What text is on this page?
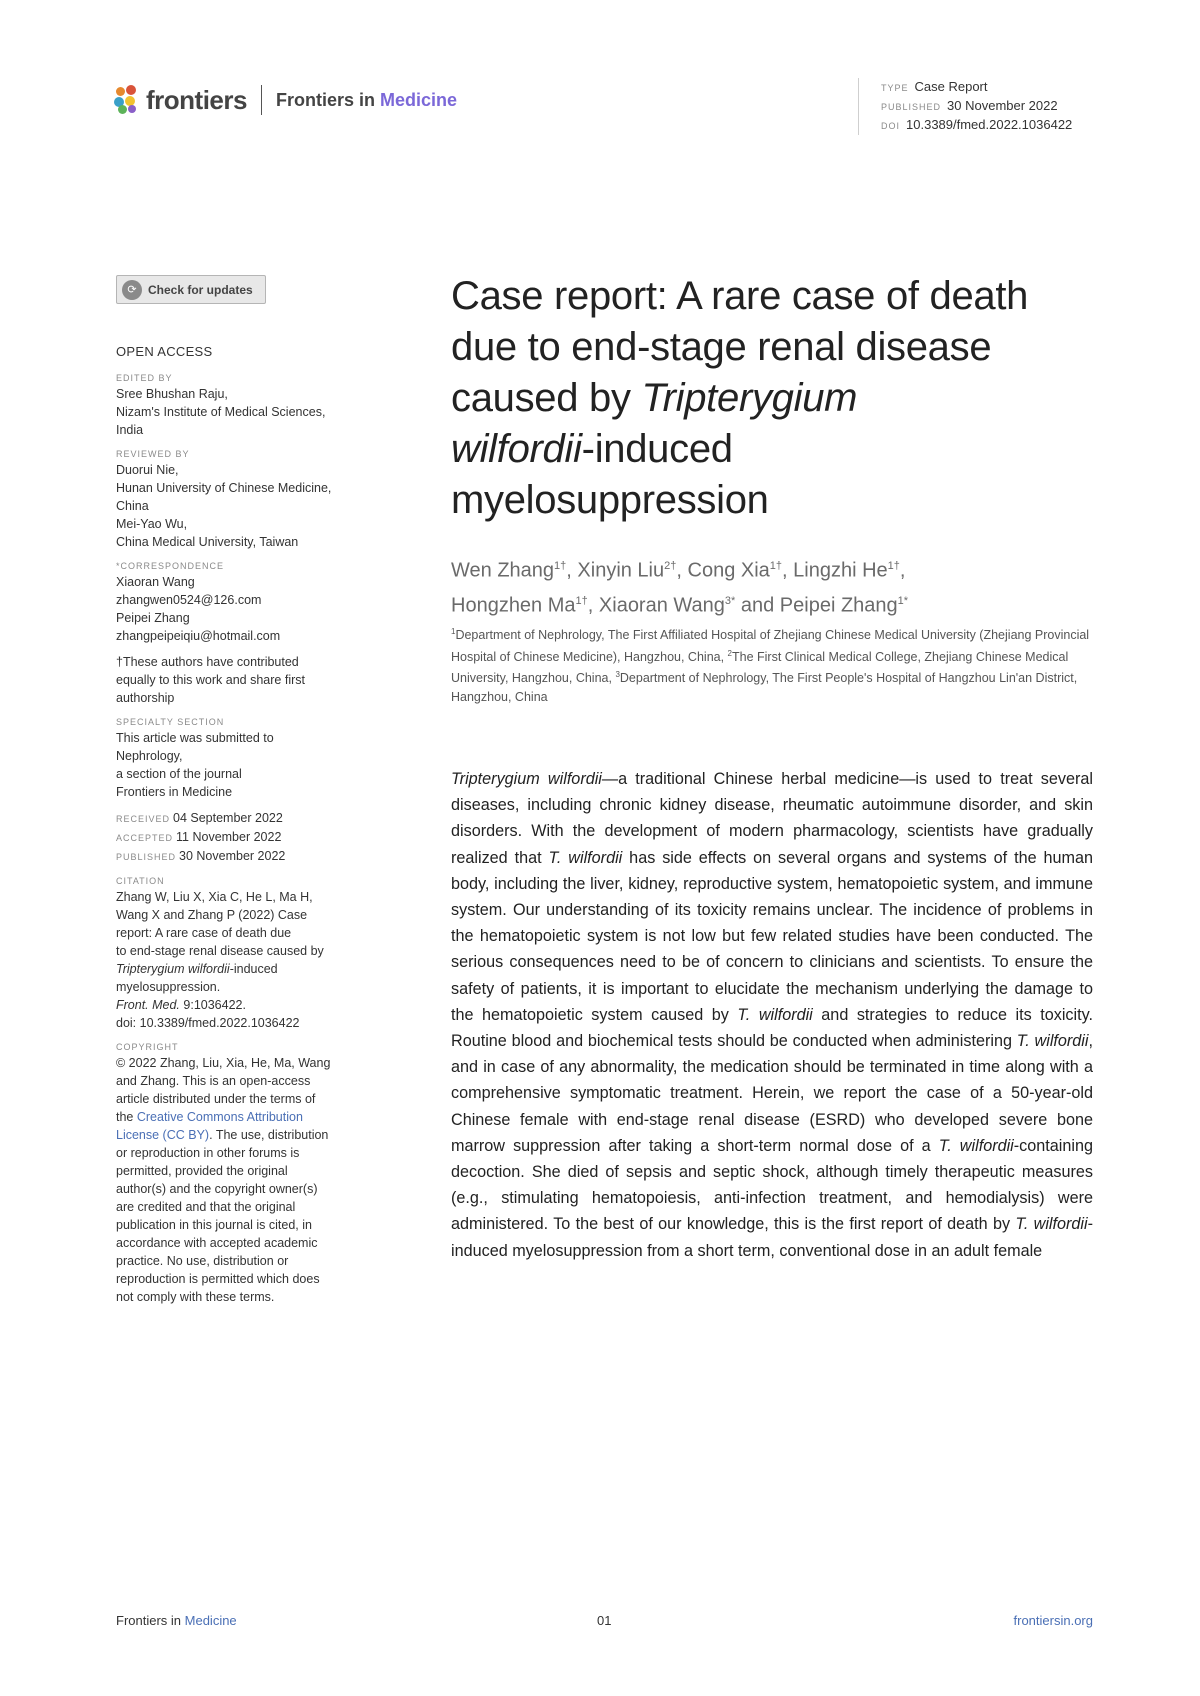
frontiers Frontiers in Medicine
TYPE Case Report
PUBLISHED 30 November 2022
DOI 10.3389/fmed.2022.1036422
⟳ Check for updates
OPEN ACCESS
EDITED BY
Sree Bhushan Raju,
Nizam's Institute of Medical Sciences,
India
REVIEWED BY
Duorui Nie,
Hunan University of Chinese Medicine,
China
Mei-Yao Wu,
China Medical University, Taiwan
*CORRESPONDENCE
Xiaoran Wang
zhangwen0524@126.com
Peipei Zhang
zhangpeipeiqiu@hotmail.com
†These authors have contributed
equally to this work and share first
authorship
SPECIALTY SECTION
This article was submitted to
Nephrology,
a section of the journal
Frontiers in Medicine
RECEIVED 04 September 2022
ACCEPTED 11 November 2022
PUBLISHED 30 November 2022
CITATION
Zhang W, Liu X, Xia C, He L, Ma H,
Wang X and Zhang P (2022) Case
report: A rare case of death due
to end-stage renal disease caused by
Tripterygium wilfordii-induced
myelosuppression.
Front. Med. 9:1036422.
doi: 10.3389/fmed.2022.1036422
COPYRIGHT
© 2022 Zhang, Liu, Xia, He, Ma, Wang
and Zhang. This is an open-access
article distributed under the terms of
the Creative Commons Attribution
License (CC BY). The use, distribution
or reproduction in other forums is
permitted, provided the original
author(s) and the copyright owner(s)
are credited and that the original
publication in this journal is cited, in
accordance with accepted academic
practice. No use, distribution or
reproduction is permitted which does
not comply with these terms.
Case report: A rare case of death
due to end-stage renal disease
caused by Tripterygium
wilfordii-induced
myelosuppression
Wen Zhang$^{1\dagger}$, Xinyin Liu$^{2\dagger}$, Cong Xia$^{1\dagger}$, Lingzhi $He^{1\dagger}$,
Hongzhen $Ma^{1\dagger}$, Xiaoran Wang$^{3*}$ and Peipei Zhang$^{1*}$
$^1$Department of Nephrology, The First Affiliated Hospital of Zhejiang Chinese Medical University (Zhejiang Provincial Hospital of Chinese Medicine), Hangzhou, China, $^2$The First Clinical Medical College, Zhejiang Chinese Medical University, Hangzhou, China, $^3$Department of Nephrology, The First People's Hospital of Hangzhou Lin'an District, Hangzhou, China
Tripterygium wilfordii—a traditional Chinese herbal medicine—is used to treat several diseases, including chronic kidney disease, rheumatic autoimmune disorder, and skin disorders. With the development of modern pharmacology, scientists have gradually realized that T. wilfordii has side effects on several organs and systems of the human body, including the liver, kidney, reproductive system, hematopoietic system, and immune system. Our understanding of its toxicity remains unclear. The incidence of problems in the hematopoietic system is not low but few related studies have been conducted. The serious consequences need to be of concern to clinicians and scientists. To ensure the safety of patients, it is important to elucidate the mechanism underlying the damage to the hematopoietic system caused by T. wilfordii and strategies to reduce its toxicity. Routine blood and biochemical tests should be conducted when administering T. wilfordii, and in case of any abnormality, the medication should be terminated in time along with a comprehensive symptomatic treatment. Herein, we report the case of a 50-year-old Chinese female with end-stage renal disease (ESRD) who developed severe bone marrow suppression after taking a short-term normal dose of a T. wilfordii-containing decoction. She died of sepsis and septic shock, although timely therapeutic measures (e.g., stimulating hematopoiesis, anti-infection treatment, and hemodialysis) were administered. To the best of our knowledge, this is the first report of death by T. wilfordii-induced myelosuppression from a short term, conventional dose in an adult female
Frontiers in Medicine	01	frontiersin.org
